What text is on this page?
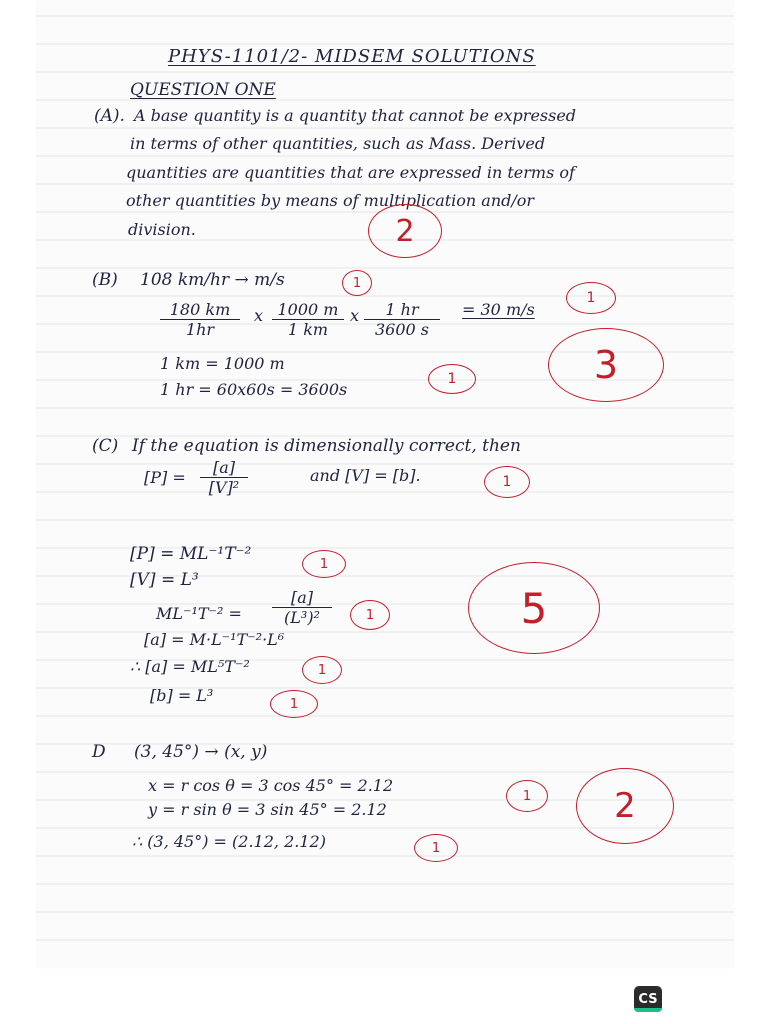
PHYS-1101/2- MIDSEM SOLUTIONS
QUESTION ONE
(A). A base quantity is a quantity that cannot be expressed
in terms of other quantities, such as Mass. Derived
quantities are quantities that are expressed in terms of
other quantities by means of multiplication and/or
division.	2
(B) 108 km/hr → m/s	1
$\frac{180 km}{1hr}$ x $\frac{1000 m}{1 km}$ x $\frac{1 hr}{3600 s} = 30$ m/s
1
1 km = 1000 m
1 hr = 60x60s = 3600s
1	3
(C) If the equation is dimensionally correct, then
$[P] = \frac{[a]}{\text{[V]²}}$	and [V] = [b].	1
[P] = ML⁻¹T⁻²	1
[V] = L³
$ML^{-1}T^{-2} = \frac{[a]}{\text{(L³)²}}$	1
[a] = M·L⁻¹T⁻²·L⁶
∴ [a] = ML⁵T⁻²	1
[b] = L³	1
5
D (3, 45°) → (x, y)
x = r cos θ = 3 cos 45° = 2.12
y = r sin θ = 3 sin 45° = 2.12
1
∴ (3, 45°) = (2.12, 2.12)	1
2
CS
